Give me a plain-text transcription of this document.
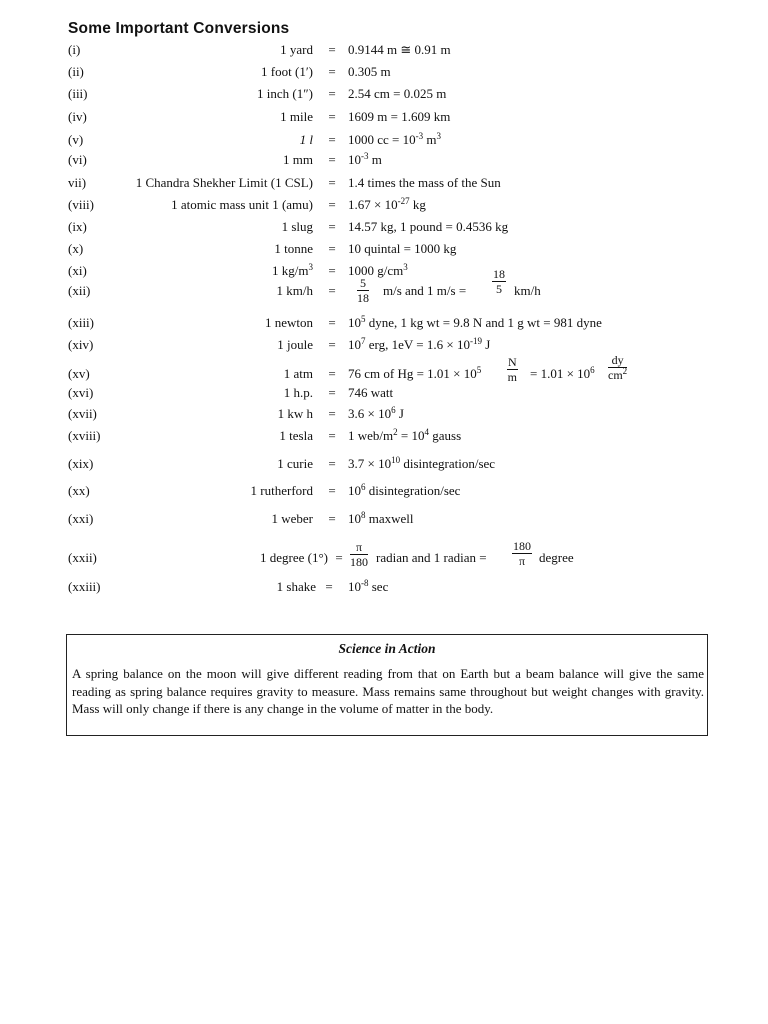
Some Important Conversions
(i)	1 yard = 0.9144 m ≅ 0.91 m
(ii)	1 foot (1′) = 0.305 m
(iii)	1 inch (1″) = 2.54 cm = 0.025 m
(iv)	1 mile = 1609 m = 1.609 km
(v)	1 l = 1000 cc = $10^{-3}$ $m^3$
(vi)	1 mm = $10^{-3}$ m
vii)	1 Chandra Shekher Limit (1 CSL) = 1.4 times the mass of the Sun
(viii)	1 atomic mass unit 1 $(amu) = 1.67 \times 10^{-27}$ kg
(ix)	1 slug = 14.57 kg, 1 pound = 0.4536 kg
(x)	1 tonne = 10 quintal = 1000 kg
(xi)	1 $kg/m^3 = 1000$ $g/cm^3$
(xii)	1 $km/h = \frac{5}{18} m/s$ and 1 $m/s = \frac{18}{5} km/h$
(xiii)	1 newton = $10^5$ dyne, 1 kg wt = 9.8 N and 1 g wt = 981 dyne
(xiv)	1 joule = $10^7$ erg, $1eV = 1.6 \times 10^{-19}$ J
(xv)	1 atm = 76 cm of $Hg = 1.01 \times 10^5 \frac{N}{m} = 1.01 \times 10^6 \frac{dy}{cm^2}$
(xvi)	1 h.p. = 746 watt
(xvii)	1 kw $h = 3.6 \times 10^6$ J
(xviii)	1 tesla = 1 web/$m^2 = 10^4$ gauss
(xix)	1 curie = $3.7 \times 10^{10}$ disintegration/sec
(xx)	1 rutherford = $10^6$ disintegration/sec
(xxi)	1 weber = $10^8$ maxwell
(xxii)	1 degree $(1^\circ) = \frac{\pi}{180}$ radian and 1 radian = $\frac{180}{\pi}$ degree
(xxiii)	1 shake = $10^{-8}$ sec
Science in Action
A spring balance on the moon will give different reading from that on Earth but a beam balance will give the same reading as spring balance requires gravity to measure. Mass remains same throughout but weight changes with gravity. Mass will only change if there is any change in the volume of matter in the body.
